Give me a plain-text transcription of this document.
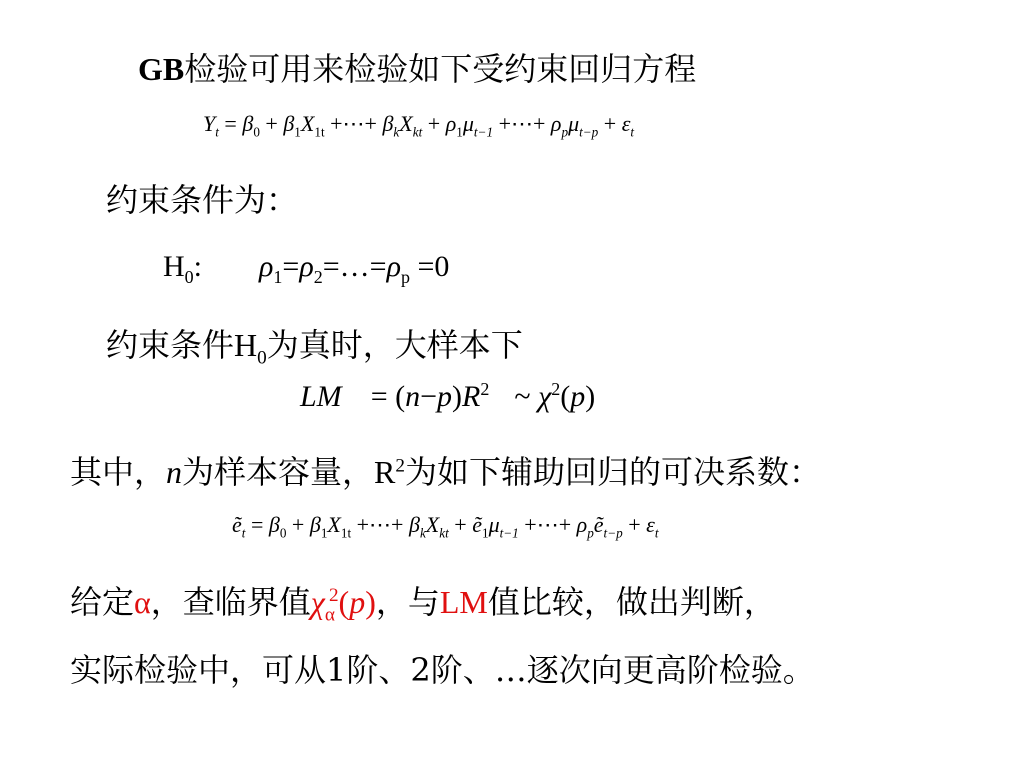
GB检验可用来检验如下受约束回归方程
$Y_t = \beta_0 + \beta_1X_{1t}$ +⋯+ $\beta_kX_{kt} + \rho_1\mu_{t-1}$ +⋯+ $\rho_p\mu_{t-p} + \varepsilon_t$
约束条件为：
$H_0$: $\rho_1=\rho_2=\dots=\rho_p =0$
约束条件$H_0$为真时，大样本下
LM = $(n-p)R^2$ ~ $\chi^2(p)$
其中，n为样本容量，$R^2$为如下辅助回归的可决系数：
ẽ$_t$ = $\beta_0 + \beta_1X_{1t}$ +⋯+ $\beta_kX_{kt}$ + $ẽ_1\mu_{t-1}$ +⋯+ $\rho_pẽ_{t-p} + \varepsilon_t$
给定α，查临界值$\chi_\alpha^2(p)$，与LM值比较，做出判断，
实际检验中，可从1阶、2阶、…逐次向更高阶检验。
